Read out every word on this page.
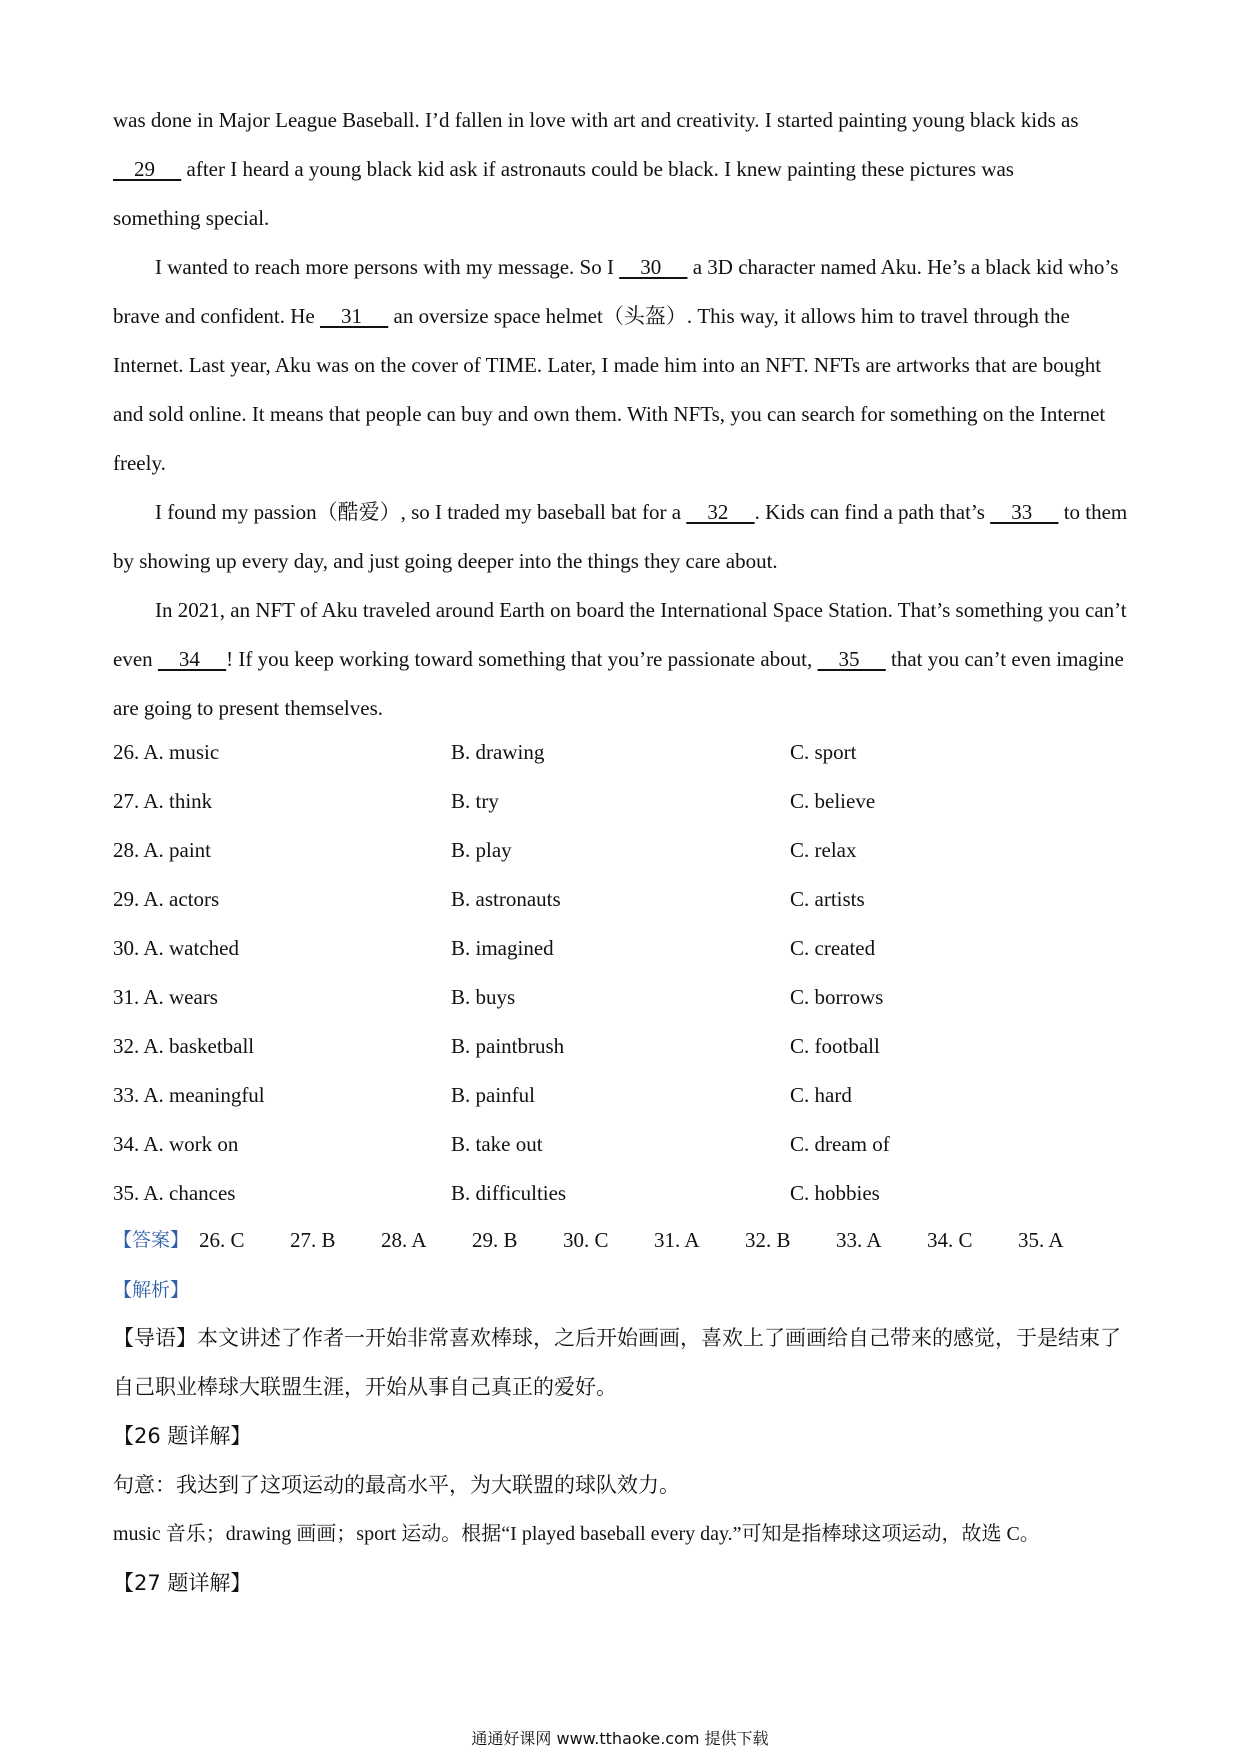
was done in Major League Baseball. I’d fallen in love with art and creativity. I started painting young black kids as
29      after I heard a young black kid ask if astronauts could be black. I knew painting these pictures was
something special.

I wanted to reach more persons with my message. So I     30      a 3D character named Aku. He’s a black kid who’s brave and confident. He     31      an oversize space helmet（头盔）. This way, it allows him to travel through the Internet. Last year, Aku was on the cover of TIME. Later, I made him into an NFT. NFTs are artworks that are bought and sold online. It means that people can buy and own them. With NFTs, you can search for something on the Internet freely.

I found my passion（酷爱）, so I traded my baseball bat for a     32     . Kids can find a path that’s     33      to them by showing up every day, and just going deeper into the things they care about.

In 2021, an NFT of Aku traveled around Earth on board the International Space Station. That’s something you can’t even     34     ! If you keep working toward something that you’re passionate about,     35      that you can’t even imagine are going to present themselves.

26. A. music	B. drawing	C. sport
27. A. think	B. try	C. believe
28. A. paint	B. play	C. relax
29. A. actors	B. astronauts	C. artists
30. A. watched	B. imagined	C. created
31. A. wears	B. buys	C. borrows
32. A. basketball	B. paintbrush	C. football
33. A. meaningful	B. painful	C. hard
34. A. work on	B. take out	C. dream of
35. A. chances	B. difficulties	C. hobbies
【答案】 26. C 27. B 28. A 29. B 30. C 31. A 32. B 33. A 34. C 35. A

【解析】

【导语】本文讲述了作者一开始非常喜欢棒球，之后开始画画，喜欢上了画画给自己带来的感觉，于是结束了自己职业棒球大联盟生涯，开始从事自己真正的爱好。

【26 题详解】

句意：我达到了这项运动的最高水平，为大联盟的球队效力。

music 音乐；drawing 画画；sport 运动。根据“I played baseball every day.”可知是指棒球这项运动，故选 C。

【27 题详解】

通通好课网 www.tthaoke.com 提供下载
